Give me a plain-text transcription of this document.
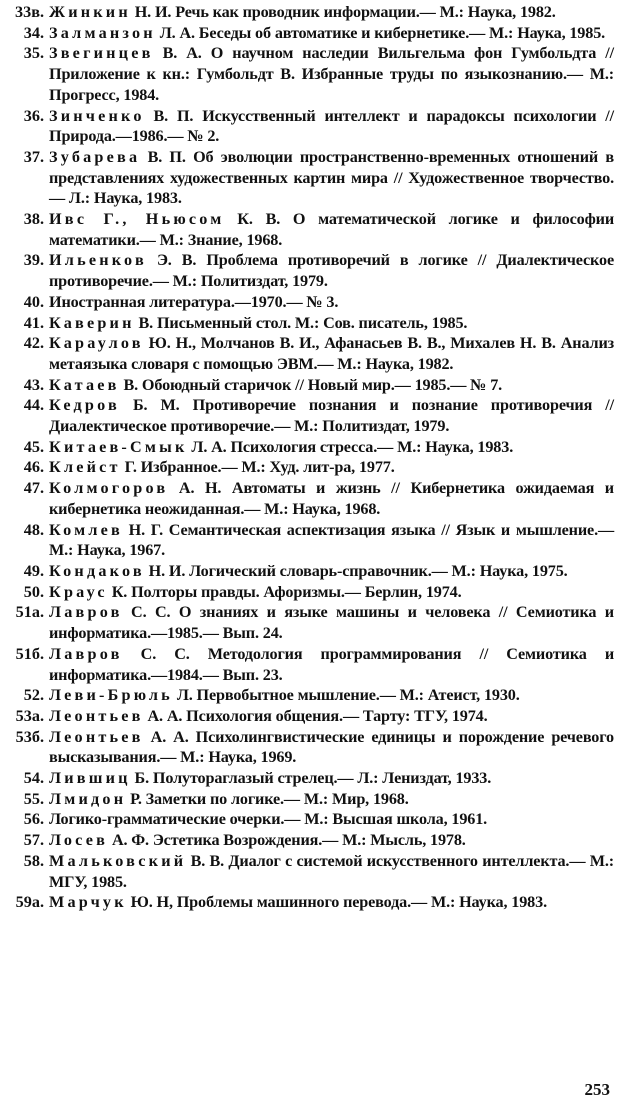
33в. Жинкин Н. И. Речь как проводник информации.— М.: Наука, 1982.
34. Залманзон Л. А. Беседы об автоматике и кибернетике.— М.: Наука, 1985.
35. Звегинцев В. А. О научном наследии Вильгельма фон Гумбольдта // Приложение к кн.: Гумбольдт В. Избранные труды по языкознанию.— М.: Прогресс, 1984.
36. Зинченко В. П. Искусственный интеллект и парадоксы психологии // Природа.—1986.— № 2.
37. Зубарева В. П. Об эволюции пространственно-временных отношений в представлениях художественных картин мира // Художественное творчество.— Л.: Наука, 1983.
38. Ивс Г., Ньюсом К. В. О математической логике и философии математики.— М.: Знание, 1968.
39. Ильенков Э. В. Проблема противоречий в логике // Диалектическое противоречие.— М.: Политиздат, 1979.
40. Иностранная литература.—1970.— № 3.
41. Каверин В. Письменный стол. М.: Сов. писатель, 1985.
42. Караулов Ю. Н., Молчанов В. И., Афанасьев В. В., Михалев Н. В. Анализ метаязыка словаря с помощью ЭВМ.— М.: Наука, 1982.
43. Катаев В. Обоюдный старичок // Новый мир.— 1985.— № 7.
44. Кедров Б. М. Противоречие познания и познание противоречия // Диалектическое противоречие.— М.: Политиздат, 1979.
45. Китаев-Смык Л. А. Психология стресса.— М.: Наука, 1983.
46. Клейст Г. Избранное.— М.: Худ. лит-ра, 1977.
47. Колмогоров А. Н. Автоматы и жизнь // Кибернетика ожидаемая и кибернетика неожиданная.— М.: Наука, 1968.
48. Комлев Н. Г. Семантическая аспектизация языка // Язык и мышление.— М.: Наука, 1967.
49. Кондаков Н. И. Логический словарь-справочник.— М.: Наука, 1975.
50. Краус К. Полторы правды. Афоризмы.— Берлин, 1974.
51а. Лавров С. С. О знаниях и языке машины и человека // Семиотика и информатика.—1985.— Вып. 24.
51б. Лавров С. С. Методология программирования // Семиотика и информатика.—1984.— Вып. 23.
52. Леви-Брюль Л. Первобытное мышление.— М.: Атеист, 1930.
53а. Леонтьев А. А. Психология общения.— Тарту: ТГУ, 1974.
53б. Леонтьев А. А. Психолингвистические единицы и порождение речевого высказывания.— М.: Наука, 1969.
54. Лившиц Б. Полутораглазый стрелец.— Л.: Лениздат, 1933.
55. Лмидон Р. Заметки по логике.— М.: Мир, 1968.
56. Логико-грамматические очерки.— М.: Высшая школа, 1961.
57. Лосев А. Ф. Эстетика Возрождения.— М.: Мысль, 1978.
58. Мальковский В. В. Диалог с системой искусственного интеллекта.— М.: МГУ, 1985.
59а. Марчук Ю. Н, Проблемы машинного перевода.— М.: Наука, 1983.
253
